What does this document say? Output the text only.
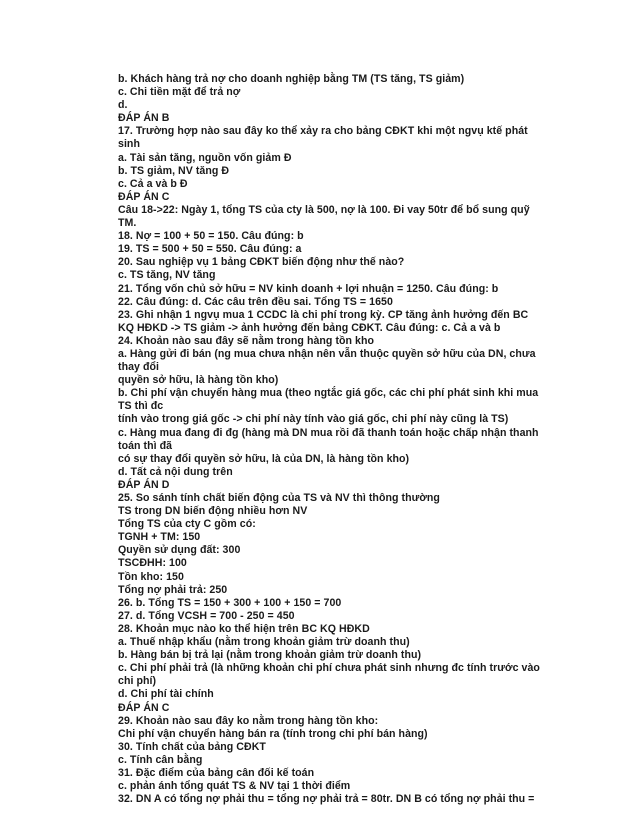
b. Khách hàng trả nợ cho doanh nghiệp bằng TM (TS tăng, TS giảm)
c. Chi tiền mặt để trả nợ
d.
ĐÁP ÁN B
17. Trường hợp nào sau đây ko thể xảy ra cho bảng CĐKT khi một ngvụ ktế phát
sinh
a. Tài sản tăng, nguồn vốn giảm Đ
b. TS giảm, NV tăng Đ
c. Cả a và b Đ
ĐÁP ÁN C
Câu 18->22: Ngày 1, tổng TS của cty là 500, nợ là 100. Đi vay 50tr để bổ sung quỹ
TM.
18. Nợ = 100 + 50 = 150. Câu đúng: b
19. TS = 500 + 50 = 550. Câu đúng: a
20. Sau nghiệp vụ 1 bảng CĐKT biến động như thế nào?
c. TS tăng, NV tăng
21. Tổng vốn chủ sở hữu = NV kinh doanh + lợi nhuận = 1250. Câu đúng: b
22. Câu đúng: d. Các câu trên đều sai. Tổng TS = 1650
23. Ghi nhận 1 ngvụ mua 1 CCDC là chi phí trong kỳ. CP tăng ảnh hưởng đến BC
KQ HĐKD -> TS giảm -> ảnh hưởng đến bảng CĐKT. Câu đúng: c. Cả a và b
24. Khoản nào sau đây sẽ nằm trong hàng tồn kho
a. Hàng gửi đi bán (ng mua chưa nhận nên vẫn thuộc quyền sở hữu của DN, chưa
thay đổi
quyền sở hữu, là hàng tồn kho)
b. Chi phí vận chuyển hàng mua (theo ngtắc giá gốc, các chi phí phát sinh khi mua
TS thì đc
tính vào trong giá gốc -> chi phí này tính vào giá gốc, chi phí này cũng là TS)
c. Hàng mua đang đi đg (hàng mà DN mua rồi đã thanh toán hoặc chấp nhận thanh
toán thì đã
có sự thay đổi quyền sở hữu, là của DN, là hàng tồn kho)
d. Tất cả nội dung trên
ĐÁP ÁN D
25. So sánh tính chất biến động của TS và NV thì thông thường
TS trong DN biến động nhiều hơn NV
Tổng TS của cty C gồm có:
TGNH + TM: 150
Quyền sử dụng đất: 300
TSCĐHH: 100
Tồn kho: 150
Tổng nợ phải trả: 250
26. b. Tổng TS = 150 + 300 + 100 + 150 = 700
27. d. Tổng VCSH = 700 - 250 = 450
28. Khoản mục nào ko thể hiện trên BC KQ HĐKD
a. Thuế nhập khẩu (nằm trong khoản giảm trừ doanh thu)
b. Hàng bán bị trả lại (nằm trong khoản giảm trừ doanh thu)
c. Chi phí phải trả (là những khoản chi phí chưa phát sinh nhưng đc tính trước vào
chi phí)
d. Chi phí tài chính
ĐÁP ÁN C
29. Khoản nào sau đây ko nằm trong hàng tồn kho:
Chi phí vận chuyển hàng bán ra (tính trong chi phí bán hàng)
30. Tính chất của bảng CĐKT
c. Tính cân bằng
31. Đặc điểm của bảng cân đối kế toán
c. phản ánh tổng quát TS & NV tại 1 thời điểm
32. DN A có tổng nợ phải thu = tổng nợ phải trả = 80tr. DN B có tổng nợ phải thu =
